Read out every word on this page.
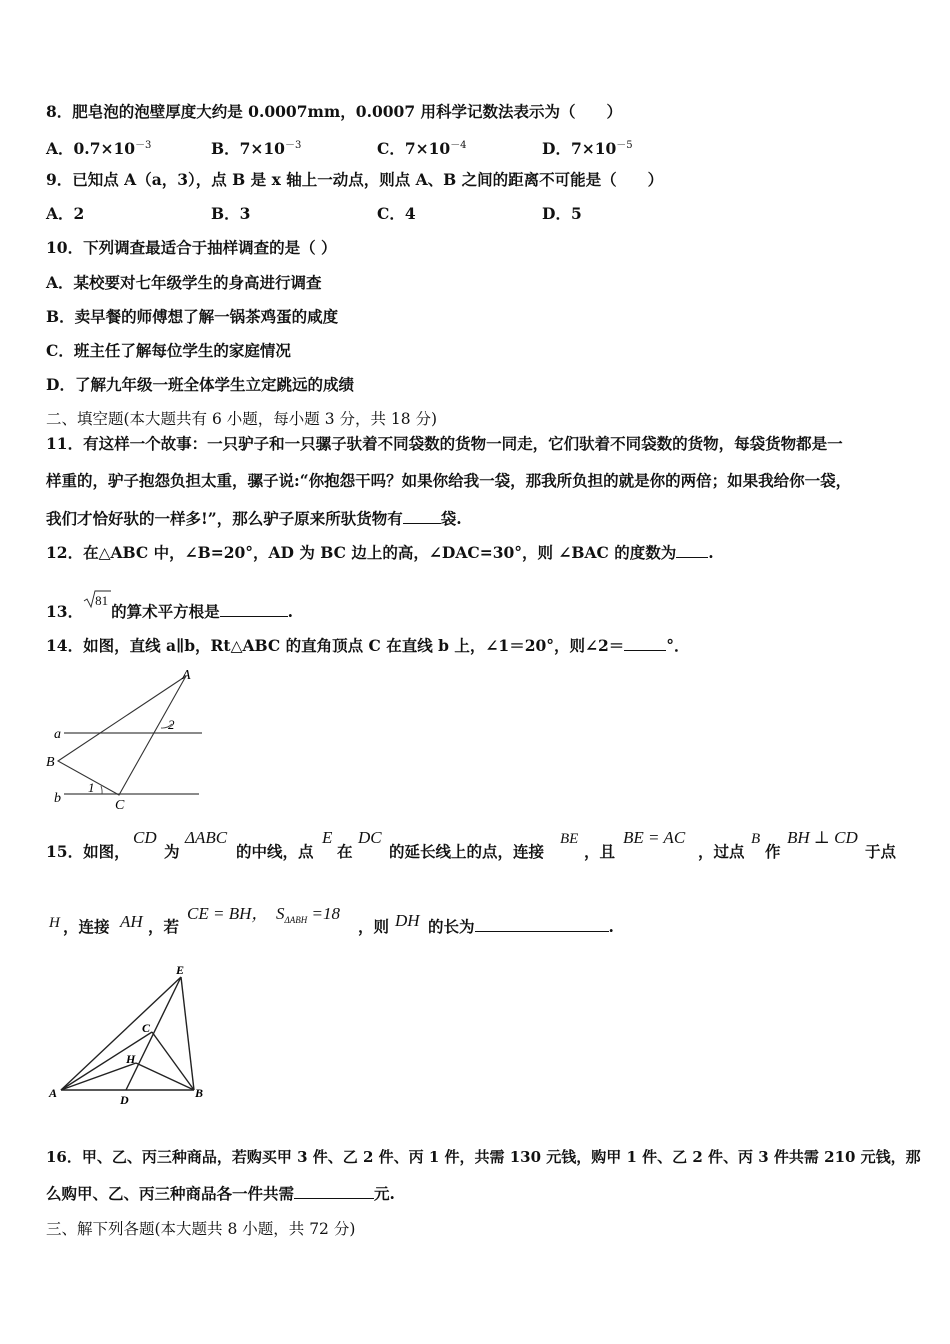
8．肥皂泡的泡壁厚度大约是 0.0007mm，0.0007 用科学记数法表示为（　　）
A．$0.7\times 10^{-3}$	B．$7\times 10^{-3}$	C．$7\times 10^{-4}$	D．$7\times 10^{-5}$
9．已知点 A（a，3），点 B 是 x 轴上一动点，则点 A、B 之间的距离不可能是（　　）
A．2	B．3	C．4	D．5
10．下列调查最适合于抽样调查的是（ ）
A．某校要对七年级学生的身高进行调查
B．卖早餐的师傅想了解一锅茶鸡蛋的咸度
C．班主任了解每位学生的家庭情况
D．了解九年级一班全体学生立定跳远的成绩
二、填空题(本大题共有 6 小题，每小题 3 分，共 18 分)
11．有这样一个故事：一只驴子和一只骡子驮着不同袋数的货物一同走，它们驮着不同袋数的货物，每袋货物都是一
样重的，驴子抱怨负担太重，骡子说:“你抱怨干吗？如果你给我一袋，那我所负担的就是你的两倍；如果我给你一袋，
我们才恰好驮的一样多!”，那么驴子原来所驮货物有 袋.
12．在△ABC 中，∠B=20°，AD 为 BC 边上的高，∠DAC=30°，则 ∠BAC 的度数为 .
13．
81
的算术平方根是	.
14．如图，直线 a∥b，Rt△ABC 的直角顶点 C 在直线 b 上，∠1＝20°，则∠2＝	°．
A
B
C
a
b
1
2
15．如图，
CD
为
ΔABC
的中线，点
E
在
DC
的延长线上的点，连接
BE
，且
BE = AC
，过点
B
作
BH ⊥ CD
于点
H ，连接 AH ，若
CE = BH， $S_{\Delta ABH} =18$
，则 DH 的长为	.
E
C
H
A	D	B
16．甲、乙、丙三种商品，若购买甲 3 件、乙 2 件、丙 1 件，共需 130 元钱，购甲 1 件、乙 2 件、丙 3 件共需 210 元钱，那
么购甲、乙、丙三种商品各一件共需	元.
三、解下列各题(本大题共 8 小题，共 72 分)
